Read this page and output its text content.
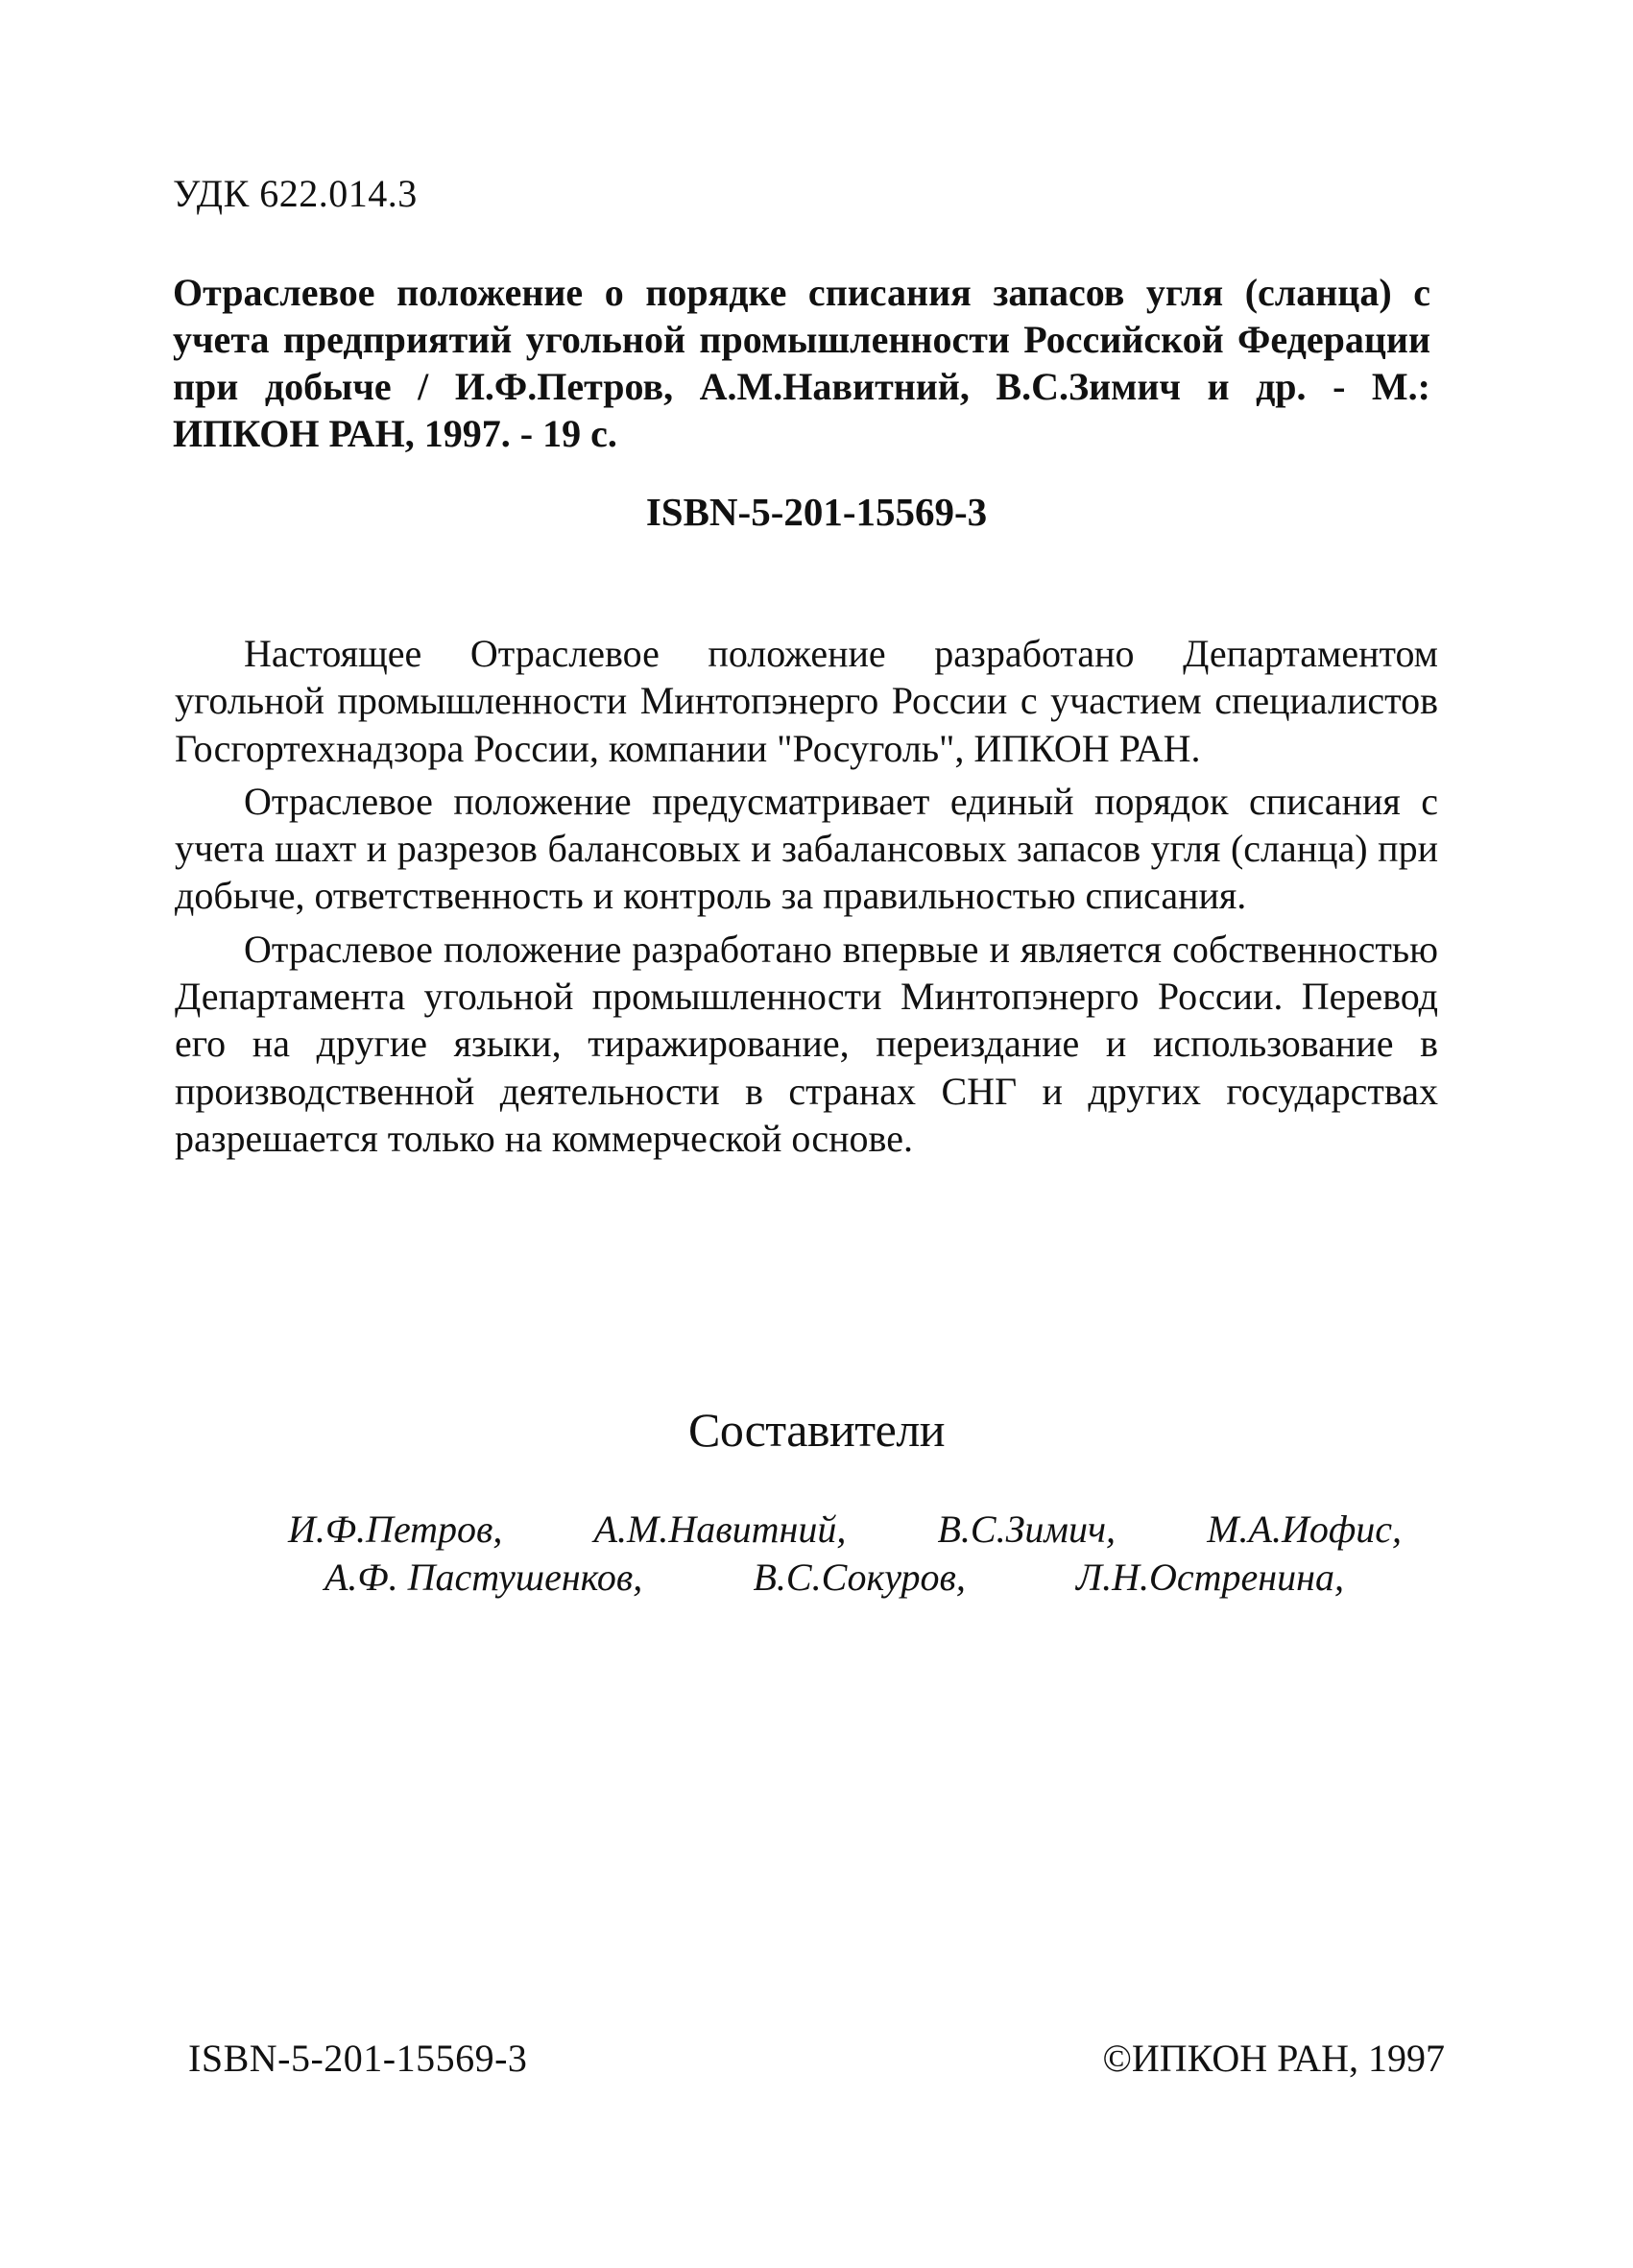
УДК 622.014.3
Отраслевое положение о порядке списания запасов угля (сланца) с учета предприятий угольной промышленности Российской Федерации при добыче / И.Ф.Петров, А.М.Навитний, В.С.Зимич и др. - М.: ИПКОН РАН, 1997. - 19 с.
ISBN-5-201-15569-3

Настоящее Отраслевое положение разработано Департаментом угольной промышленности Минтопэнерго России с участием специалистов Госгортехнадзора России, компании "Росуголь", ИПКОН РАН.

Отраслевое положение предусматривает единый порядок списания с учета шахт и разрезов балансовых и забалансовых запасов угля (сланца) при добыче, ответственность и контроль за правильностью списания.

Отраслевое положение разработано впервые и является собственностью Департамента угольной промышленности Минтопэнерго России. Перевод его на другие языки, тиражирование, переиздание и использование в производственной деятельности в странах СНГ и других государствах разрешается только на коммерческой основе.

Составители
И.Ф.Петров, А.М.Навитний, В.С.Зимич, М.А.Иофис,
А.Ф. Пастушенков,	В.С.Сокуров,	Л.Н.Остренина,
ISBN-5-201-15569-3	©ИПКОН РАН, 1997
